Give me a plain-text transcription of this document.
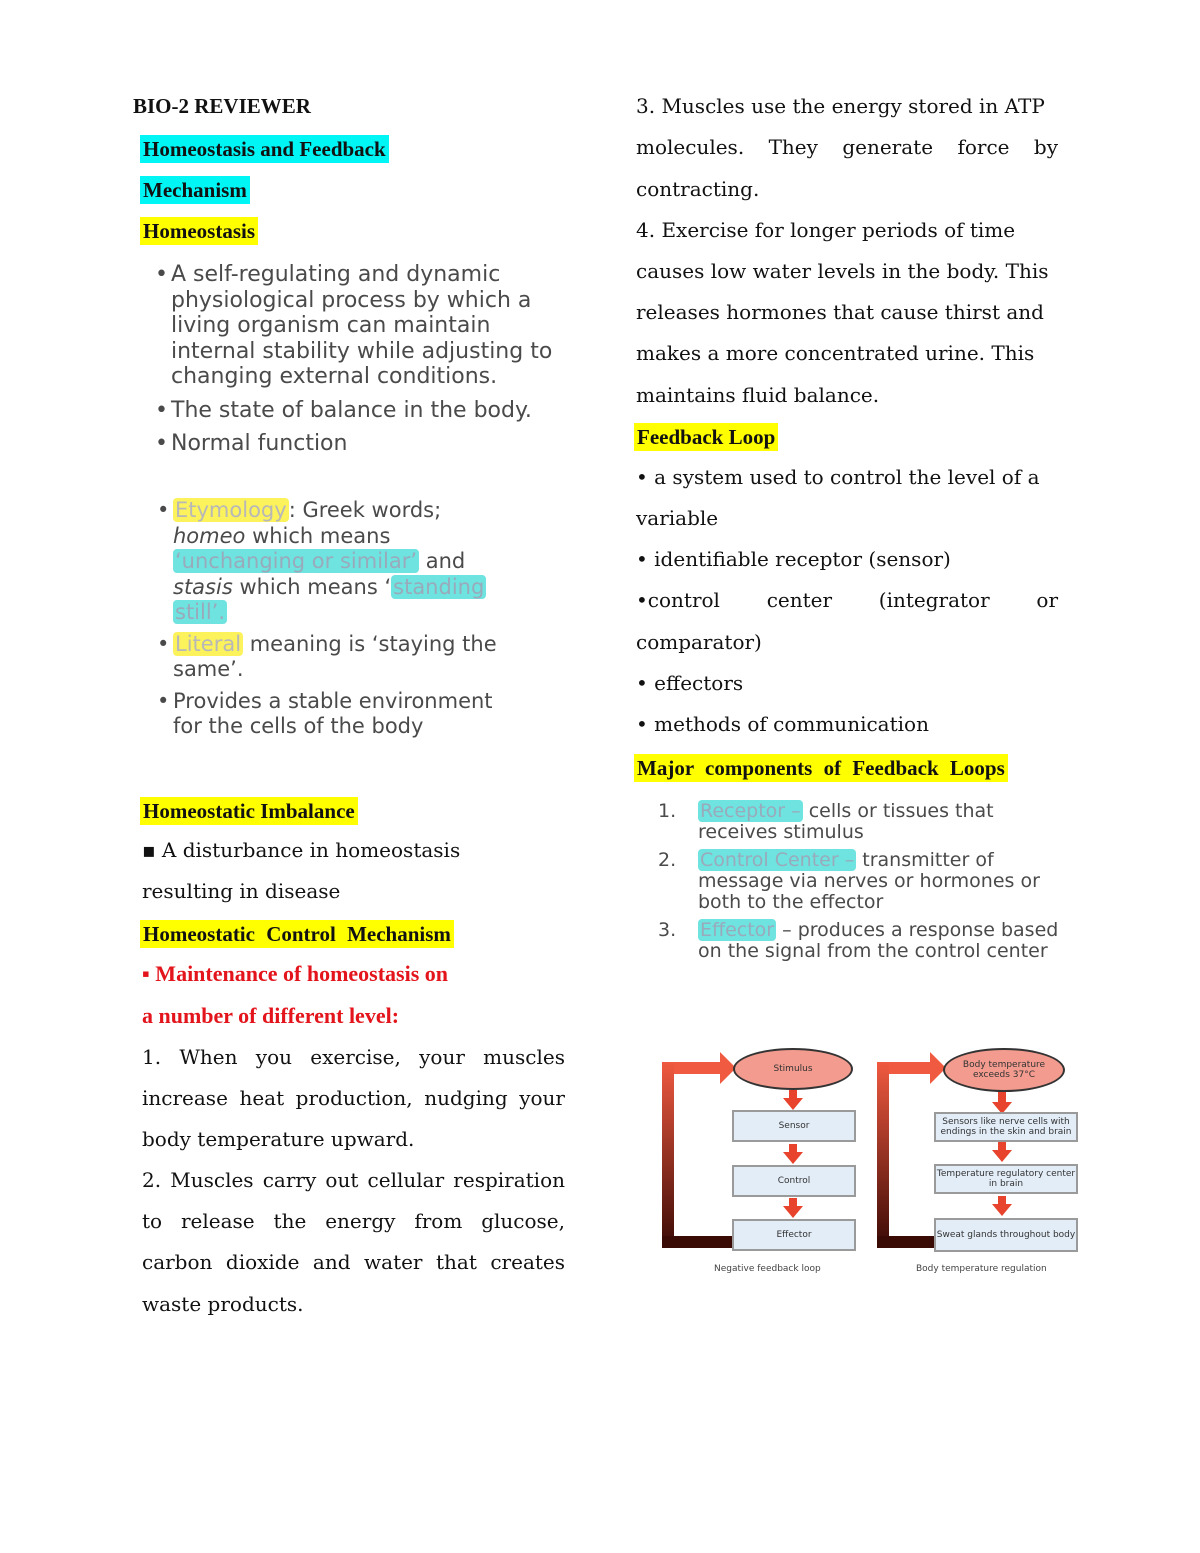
BIO-2 REVIEWER
Homeostasis and Feedback
Mechanism
Homeostasis
• A self-regulating and dynamic
physiological process by which a
living organism can maintain
internal stability while adjusting to
changing external conditions.
• The state of balance in the body.
• Normal function
• Etymology: Greek words;
homeo which means
‘unchanging or similar’ and
stasis which means ‘standing
still’.
• Literal meaning is ‘staying the
same’.
• Provides a stable environment
for the cells of the body
Homeostatic Imbalance
▪ A disturbance in homeostasis
resulting in disease
Homeostatic Control Mechanism
▪ Maintenance of homeostasis on
a number of different level:
1. When you exercise, your muscles
increase heat production, nudging your
body temperature upward.
2. Muscles carry out cellular respiration
to release the energy from glucose,
carbon dioxide and water that creates
waste products.
3. Muscles use the energy stored in ATP
molecules. They generate force by
contracting.
4. Exercise for longer periods of time
causes low water levels in the body. This
releases hormones that cause thirst and
makes a more concentrated urine. This
maintains fluid balance.
Feedback Loop
• a system used to control the level of a
variable
• identifiable receptor (sensor)
•control center (integrator or
comparator)
• effectors
• methods of communication
Major components of Feedback Loops
1. Receptor – cells or tissues that
receives stimulus
2. Control Center – transmitter of
message via nerves or hormones or
both to the effector
3. Effector – produces a response based
on the signal from the control center
Stimulus
Sensor
Control
Effector
Negative feedback loop
Body temperature exceeds 37°C
Sensors like nerve cells with endings in the skin and brain
Temperature regulatory center in brain
Sweat glands throughout body
Body temperature regulation
